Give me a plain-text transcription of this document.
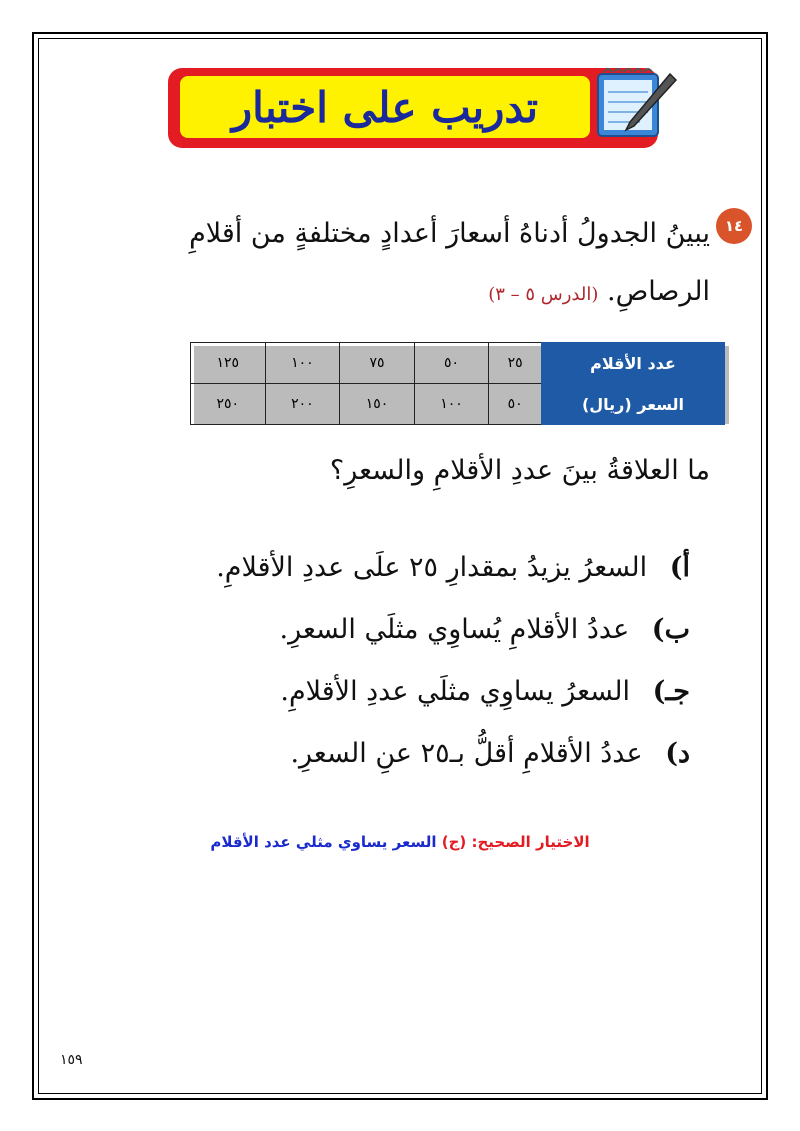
تدريب على اختبار
١٤
يبينُ الجدولُ أدناهُ أسعارَ أعدادٍ مختلفةٍ من أقلامِ الرصاصِ. (الدرس ٥ – ٣)
عدد الأقلام	٢٥	٥٠	٧٥	١٠٠	١٢٥
السعر (ريال)	٥٠	١٠٠	١٥٠	٢٠٠	٢٥٠
ما العلاقةُ بينَ عددِ الأقلامِ والسعرِ؟
أ) السعرُ يزيدُ بمقدارِ ٢٥ علَى عددِ الأقلامِ.
ب) عددُ الأقلامِ يُساوِي مثلَي السعرِ.
جـ) السعرُ يساوِي مثلَي عددِ الأقلامِ.
د) عددُ الأقلامِ أقلُّ بـ٢٥ عنِ السعرِ.
الاختيار الصحيح: (ج) السعر يساوي مثلي عدد الأقلام
١٥٩
